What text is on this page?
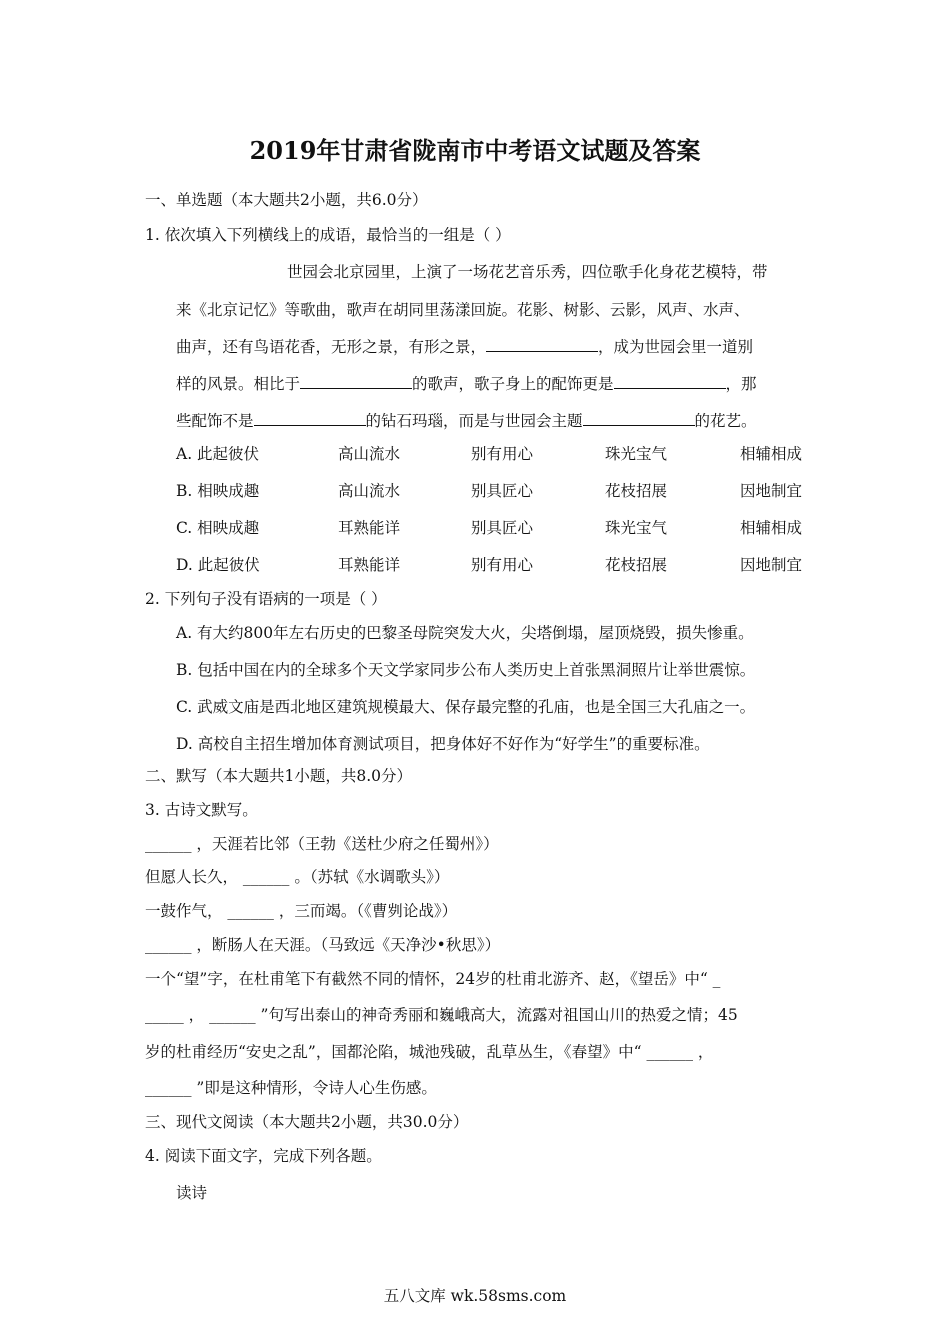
2019年甘肃省陇南市中考语文试题及答案
一、单选题（本大题共2小题，共6.0分）
1. 依次填入下列横线上的成语，最恰当的一组是（ ）
世园会北京园里，上演了一场花艺音乐秀，四位歌手化身花艺模特，带
来《北京记忆》等歌曲，歌声在胡同里荡漾回旋。花影、树影、云影，风声、水声、
曲声，还有鸟语花香，无形之景，有形之景，	，成为世园会里一道别
样的风景。相比于	的歌声，歌子身上的配饰更是	，那
些配饰不是	的钻石玛瑙，而是与世园会主题	的花艺。
A. 此起彼伏	高山流水	别有用心	珠光宝气	相辅相成
B. 相映成趣	高山流水	别具匠心	花枝招展	因地制宜
C. 相映成趣	耳熟能详	别具匠心	珠光宝气	相辅相成
D. 此起彼伏	耳熟能详	别有用心	花枝招展	因地制宜
2. 下列句子没有语病的一项是（ ）
A. 有大约800年左右历史的巴黎圣母院突发大火，尖塔倒塌，屋顶烧毁，损失惨重。
B. 包括中国在内的全球多个天文学家同步公布人类历史上首张黑洞照片让举世震惊。
C. 武威文庙是西北地区建筑规模最大、保存最完整的孔庙，也是全国三大孔庙之一。
D. 高校自主招生增加体育测试项目，把身体好不好作为“好学生”的重要标准。
二、默写（本大题共1小题，共8.0分）
3. 古诗文默写。
______ ，天涯若比邻（王勃《送杜少府之任蜀州》）
但愿人长久， ______ 。（苏轼《水调歌头》）
一鼓作气， ______ ，三而竭。（《曹刿论战》）
______ ，断肠人在天涯。（马致远《天净沙•秋思》）
一个“望”字，在杜甫笔下有截然不同的情怀，24岁的杜甫北游齐、赵，《望岳》中“ _
_____ ， ______ ”句写出泰山的神奇秀丽和巍峨高大，流露对祖国山川的热爱之情；45
岁的杜甫经历“安史之乱”，国都沦陷，城池残破，乱草丛生，《春望》中“ ______ ，
______ ”即是这种情形，令诗人心生伤感。
三、现代文阅读（本大题共2小题，共30.0分）
4. 阅读下面文字，完成下列各题。
读诗
五八文库 wk.58sms.com
